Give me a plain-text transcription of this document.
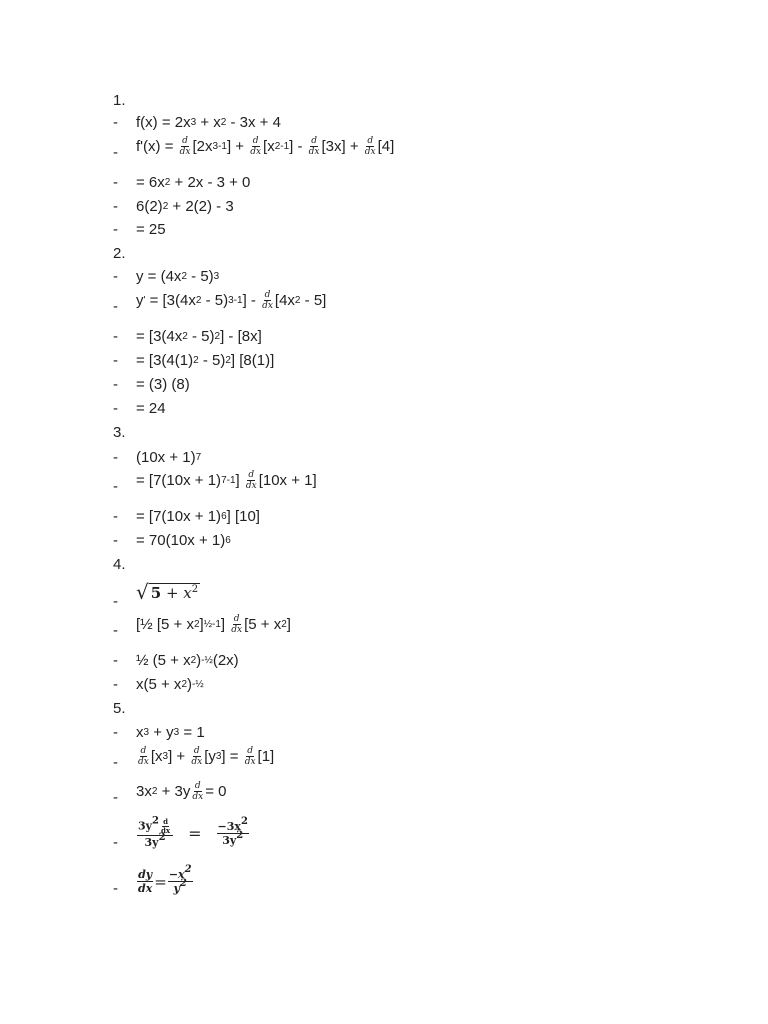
1.
- f(x) = 2x 3 + x 2 - 3x + 4
- $f'(x) = \frac{d}{dx} [2x$ 3-1 ] + $\frac{d}{dx} [x$ 2-1 ] - $\frac{d}{dx} [3x] + \frac{d}{dx} [4]$
- = 6x 2 + 2x - 3 + 0
- 6(2) 2 + 2(2) - 3
- = 25
2.
- y = (4x 2 - 5) 3
- y ' = [3(4x 2 - 5) 3-1 ] - $\frac{d}{dx} [4x$ 2 - 5]
- = [3(4x 2 - 5) 2 ] - [8x]
- = [3(4(1) 2 - 5) 2 ] [8(1)]
- = (3) (8)
- = 24
3.
- (10x + 1) 7
- = [7(10x + 1) 7-1 ] $\frac{d}{dx} [10x + 1]$
- = [7(10x + 1) 6 ] [10]
- = 70(10x + 1) 6
4.
- √ $5 + x^2$
- [½ [5 + x 2 ] ½-1 ] $\frac{d}{dx} [5 + x$ 2 ]
- ½ (5 + x 2 ) -½ (2x)
- x(5 + x 2 ) -½
5.
- x 3 + y 3 = 1
- $\frac{d}{dx} [x$ 3 ] + $\frac{d}{dx} [y$ 3 ] = $\frac{d}{dx} [1]$
- 3x $2 + 3y \frac{d}{dx} = 0$
- $\frac{3y^2 \frac{d}{dx}}{3y^2}$ =	$\frac{-3x^2}{3y^2}$
- $\frac{dy}{dx} = \frac{-x^2}{y^2}$
